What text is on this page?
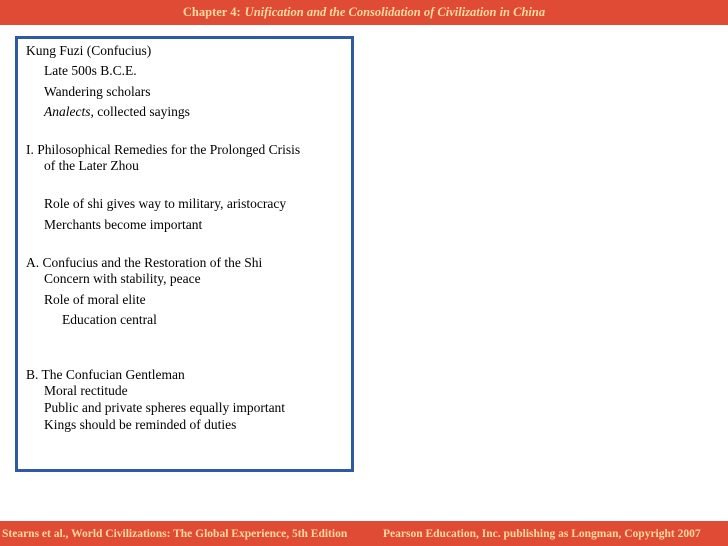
Chapter 4: Unification and the Consolidation of Civilization in China
Kung Fuzi (Confucius)
Late 500s B.C.E.
Wandering scholars
Analects, collected sayings
I. Philosophical Remedies for the Prolonged Crisis
of the Later Zhou
Role of shi gives way to military, aristocracy
Merchants become important
A. Confucius and the Restoration of the Shi
Concern with stability, peace
Role of moral elite
Education central
B. The Confucian Gentleman
Moral rectitude
Public and private spheres equally important
Kings should be reminded of duties
Stearns et al., World Civilizations: The Global Experience, 5th Edition	Pearson Education, Inc. publishing as Longman, Copyright 2007
